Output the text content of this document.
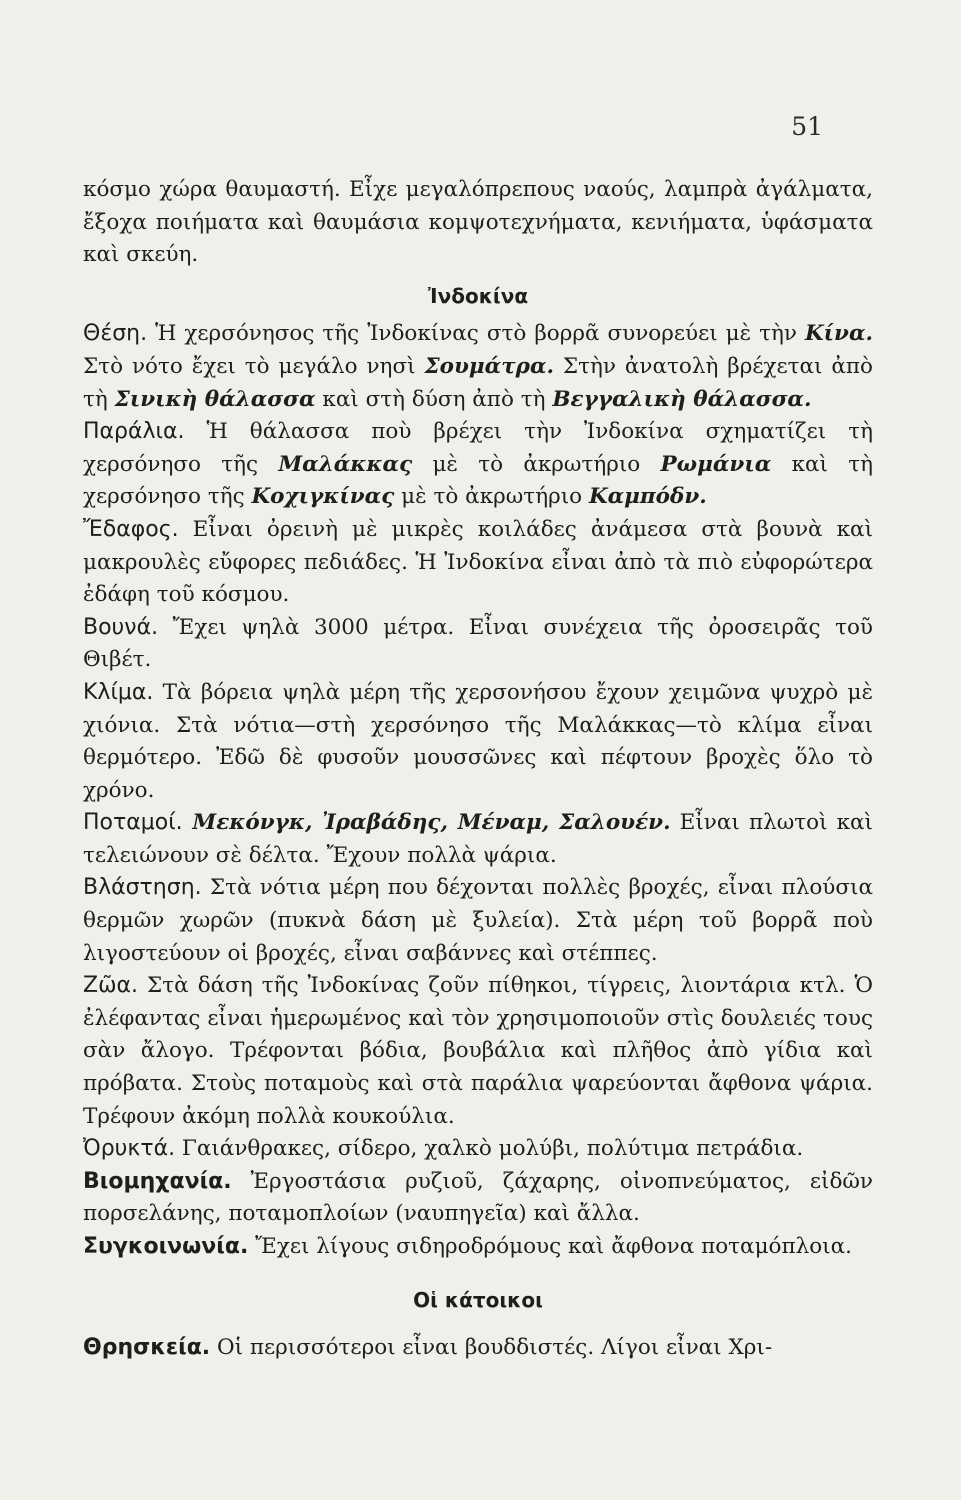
51

κόσμο χώρα θαυμαστή. Εἶχε μεγαλόπρεπους ναούς, λαμπρὰ ἀγάλματα, ἔξοχα ποιήματα καὶ θαυμάσια κομψοτεχνήματα, κενιήματα, ὑφάσματα καὶ σκεύη.

Ἰνδοκίνα

Θέση. Ἡ χερσόνησος τῆς Ἰνδοκίνας στὸ βορρᾶ συνορεύει μὲ τὴν Κίνα. Στὸ νότο ἔχει τὸ μεγάλο νησὶ Σουμάτρα. Στὴν ἀνατολὴ βρέχεται ἀπὸ τὴ Σινικὴ θάλασσα καὶ στὴ δύση ἀπὸ τὴ Βεγγαλικὴ θάλασσα.

Παράλια. Ἡ θάλασσα ποὺ βρέχει τὴν Ἰνδοκίνα σχηματίζει τὴ χερσόνησο τῆς Μαλάκκας μὲ τὸ ἀκρωτήριο Ρωμάνια καὶ τὴ χερσόνησο τῆς Κοχιγκίνας μὲ τὸ ἀκρωτήριο Καμπόδν.

Ἔδαφος. Εἶναι ὀρεινὴ μὲ μικρὲς κοιλάδες ἀνάμεσα στὰ βουνὰ καὶ μακρουλὲς εὔφορες πεδιάδες. Ἡ Ἰνδοκίνα εἶναι ἀπὸ τὰ πιὸ εὐφορώτερα ἐδάφη τοῦ κόσμου.

Βουνά. Ἔχει ψηλὰ 3000 μέτρα. Εἶναι συνέχεια τῆς ὀροσειρᾶς τοῦ Θιβέτ.

Κλίμα. Τὰ βόρεια ψηλὰ μέρη τῆς χερσονήσου ἔχουν χειμῶνα ψυχρὸ μὲ χιόνια. Στὰ νότια—στὴ χερσόνησο τῆς Μαλάκκας—τὸ κλίμα εἶναι θερμότερο. Ἐδῶ δὲ φυσοῦν μουσσῶνες καὶ πέφτουν βροχὲς ὅλο τὸ χρόνο.

Ποταμοί. Μεκόνγκ, Ἰραβάδης, Μέναμ, Σαλουέν. Εἶναι πλωτοὶ καὶ τελειώνουν σὲ δέλτα. Ἔχουν πολλὰ ψάρια.

Βλάστηση. Στὰ νότια μέρη που δέχονται πολλὲς βροχές, εἶναι πλούσια θερμῶν χωρῶν (πυκνὰ δάση μὲ ξυλεία). Στὰ μέρη τοῦ βορρᾶ ποὺ λιγοστεύουν οἱ βροχές, εἶναι σαβάννες καὶ στέππες.

Ζῶα. Στὰ δάση τῆς Ἰνδοκίνας ζοῦν πίθηκοι, τίγρεις, λιοντάρια κτλ. Ὁ ἐλέφαντας εἶναι ἡμερωμένος καὶ τὸν χρησιμοποιοῦν στὶς δουλειές τους σὰν ἄλογο. Τρέφονται βόδια, βουβάλια καὶ πλῆθος ἀπὸ γίδια καὶ πρόβατα. Στοὺς ποταμοὺς καὶ στὰ παράλια ψαρεύονται ἄφθονα ψάρια. Τρέφουν ἀκόμη πολλὰ κουκούλια.

Ὀρυκτά. Γαιάνθρακες, σίδερο, χαλκὸ μολύβι, πολύτιμα πετράδια.

Βιομηχανία. Ἐργοστάσια ρυζιοῦ, ζάχαρης, οἰνοπνεύματος, εἰδῶν πορσελάνης, ποταμοπλοίων (ναυπηγεῖα) καὶ ἄλλα.

Συγκοινωνία. Ἔχει λίγους σιδηροδρόμους καὶ ἄφθονα ποταμόπλοια.

Οἱ κάτοικοι

Θρησκεία. Οἱ περισσότεροι εἶναι βουδδιστές. Λίγοι εἶναι Χρι-
